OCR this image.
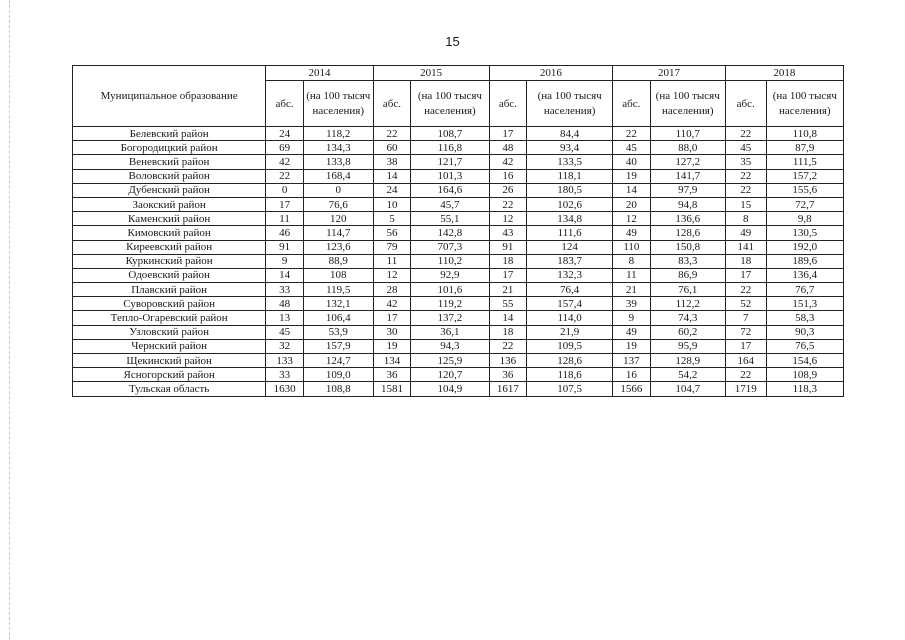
15
Муниципальное образование	2014		2015		2016		2017		2018	
	абс.	(на 100 тысяч населения)	абс.	(на 100 тысяч населения)	абс.	(на 100 тысяч населения)	абс.	(на 100 тысяч населения)	абс.	(на 100 тысяч населения)
Белевский район	24	118,2	22	108,7	17	84,4	22	110,7	22	110,8
Богородицкий район	69	134,3	60	116,8	48	93,4	45	88,0	45	87,9
Веневский район	42	133,8	38	121,7	42	133,5	40	127,2	35	111,5
Воловский район	22	168,4	14	101,3	16	118,1	19	141,7	22	157,2
Дубенский район	0	0	24	164,6	26	180,5	14	97,9	22	155,6
Заокский район	17	76,6	10	45,7	22	102,6	20	94,8	15	72,7
Каменский район	11	120	5	55,1	12	134,8	12	136,6	8	9,8
Кимовский район	46	114,7	56	142,8	43	111,6	49	128,6	49	130,5
Киреевский район	91	123,6	79	707,3	91	124	110	150,8	141	192,0
Куркинский район	9	88,9	11	110,2	18	183,7	8	83,3	18	189,6
Одоевский район	14	108	12	92,9	17	132,3	11	86,9	17	136,4
Плавский район	33	119,5	28	101,6	21	76,4	21	76,1	22	76,7
Суворовский район	48	132,1	42	119,2	55	157,4	39	112,2	52	151,3
Тепло-Огаревский район	13	106,4	17	137,2	14	114,0	9	74,3	7	58,3
Узловский район	45	53,9	30	36,1	18	21,9	49	60,2	72	90,3
Чернский район	32	157,9	19	94,3	22	109,5	19	95,9	17	76,5
Щекинский район	133	124,7	134	125,9	136	128,6	137	128,9	164	154,6
Ясногорский район	33	109,0	36	120,7	36	118,6	16	54,2	22	108,9
Тульская область	1630	108,8	1581	104,9	1617	107,5	1566	104,7	1719	118,3
